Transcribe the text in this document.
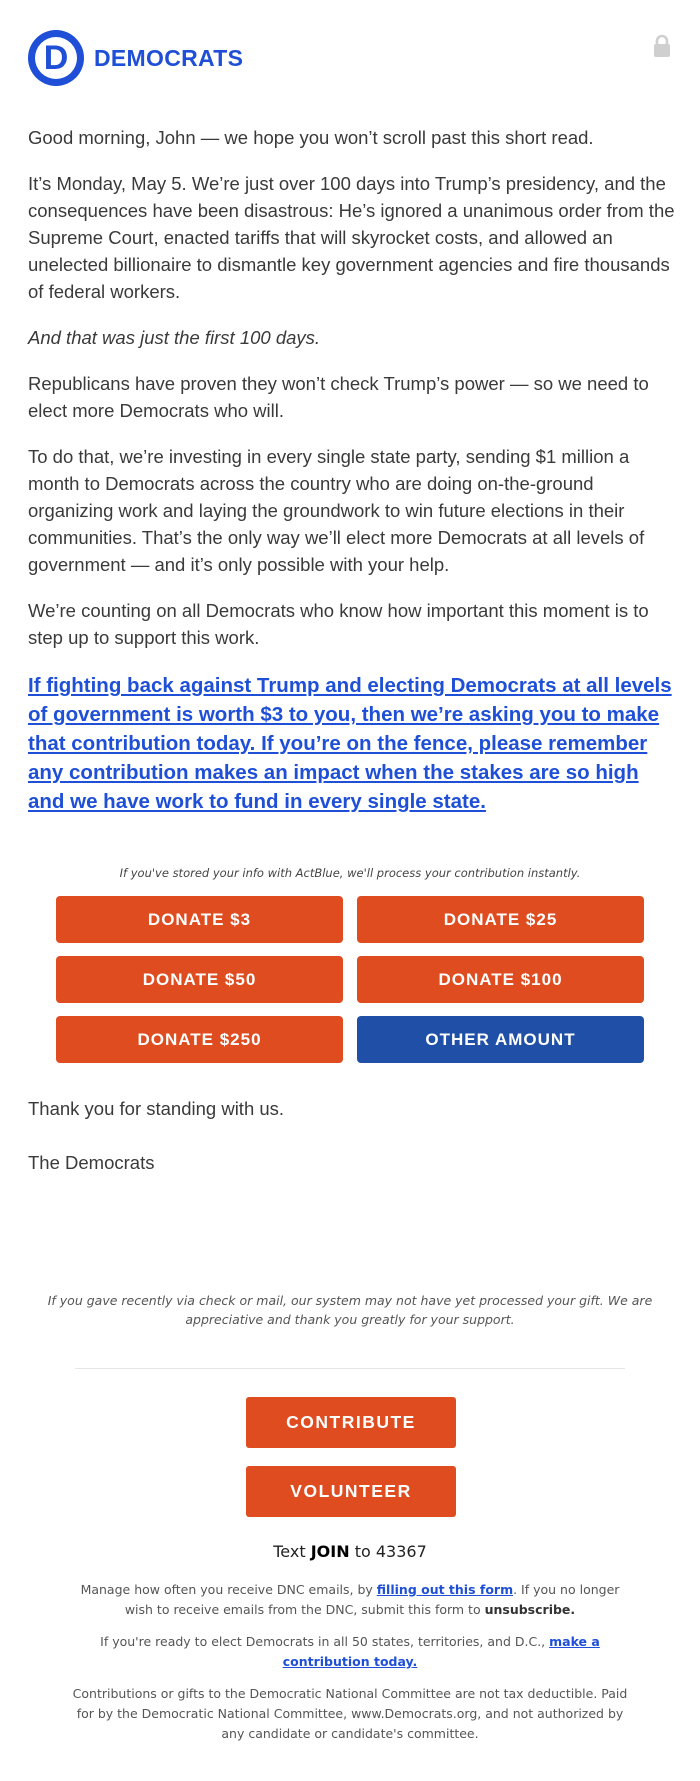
D	DEMOCRATS

Good morning, John — we hope you won’t scroll past this short read.

It’s Monday, May 5. We’re just over 100 days into Trump’s presidency, and the consequences have been disastrous: He’s ignored a unanimous order from the Supreme Court, enacted tariffs that will skyrocket costs, and allowed an unelected billionaire to dismantle key government agencies and fire thousands of federal workers.

And that was just the first 100 days.

Republicans have proven they won’t check Trump’s power — so we need to elect more Democrats who will.

To do that, we’re investing in every single state party, sending $1 million a month to Democrats across the country who are doing on-the-ground organizing work and laying the groundwork to win future elections in their communities. That’s the only way we’ll elect more Democrats at all levels of government — and it’s only possible with your help.

We’re counting on all Democrats who know how important this moment is to step up to support this work.

If fighting back against Trump and electing Democrats at all levels of government is worth $3 to you, then we’re asking you to make that contribution today. If you’re on the fence, please remember any contribution makes an impact when the stakes are so high and we have work to fund in every single state.
If you've stored your info with ActBlue, we'll process your contribution instantly.
DONATE $3	DONATE $25
DONATE $50	DONATE $100
DONATE $250	OTHER AMOUNT

Thank you for standing with us.

The Democrats

If you gave recently via check or mail, our system may not have yet processed your gift. We are appreciative and thank you greatly for your support.
CONTRIBUTE
VOLUNTEER
Text JOIN to 43367
Manage how often you receive DNC emails, by filling out this form. If you no longer wish to receive emails from the DNC, submit this form to unsubscribe.
If you're ready to elect Democrats in all 50 states, territories, and D.C., make a contribution today.
Contributions or gifts to the Democratic National Committee are not tax deductible. Paid for by the Democratic National Committee, www.Democrats.org, and not authorized by any candidate or candidate's committee.
